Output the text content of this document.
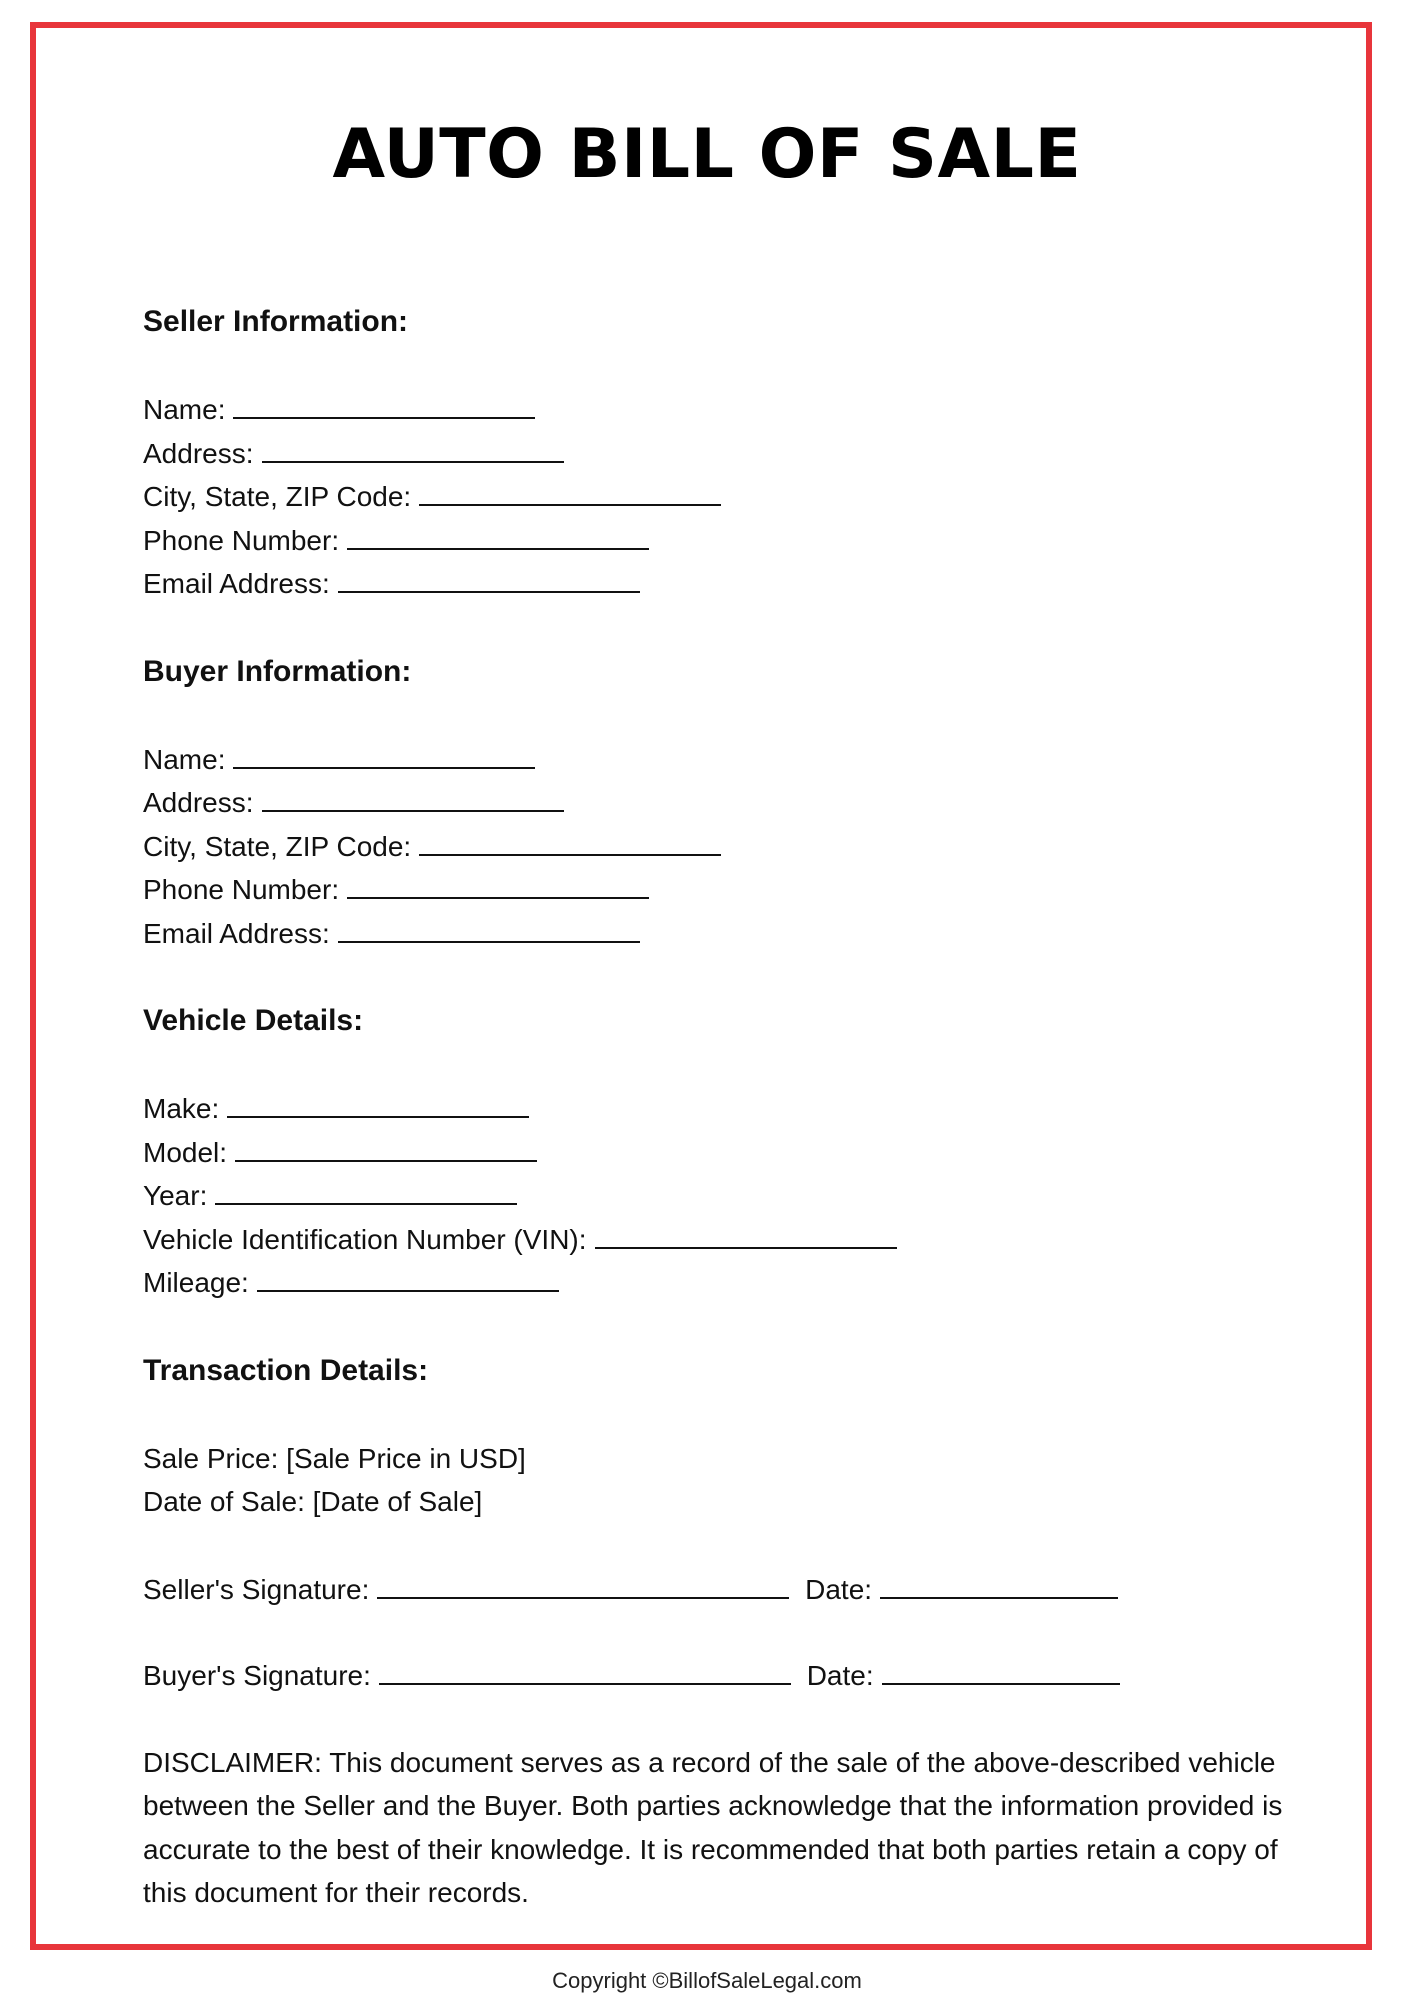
AUTO BILL OF SALE
Seller Information:
Name:
Address:
City, State, ZIP Code:
Phone Number:
Email Address:
Buyer Information:
Name:
Address:
City, State, ZIP Code:
Phone Number:
Email Address:
Vehicle Details:
Make:
Model:
Year:
Vehicle Identification Number (VIN):
Mileage:
Transaction Details:
Sale Price: [Sale Price in USD]
Date of Sale: [Date of Sale]
Seller's Signature:	Date:
Buyer's Signature:	Date:

DISCLAIMER: This document serves as a record of the sale of the above-described vehicle between the Seller and the Buyer. Both parties acknowledge that the information provided is accurate to the best of their knowledge. It is recommended that both parties retain a copy of this document for their records.

Copyright ©BillofSaleLegal.com
